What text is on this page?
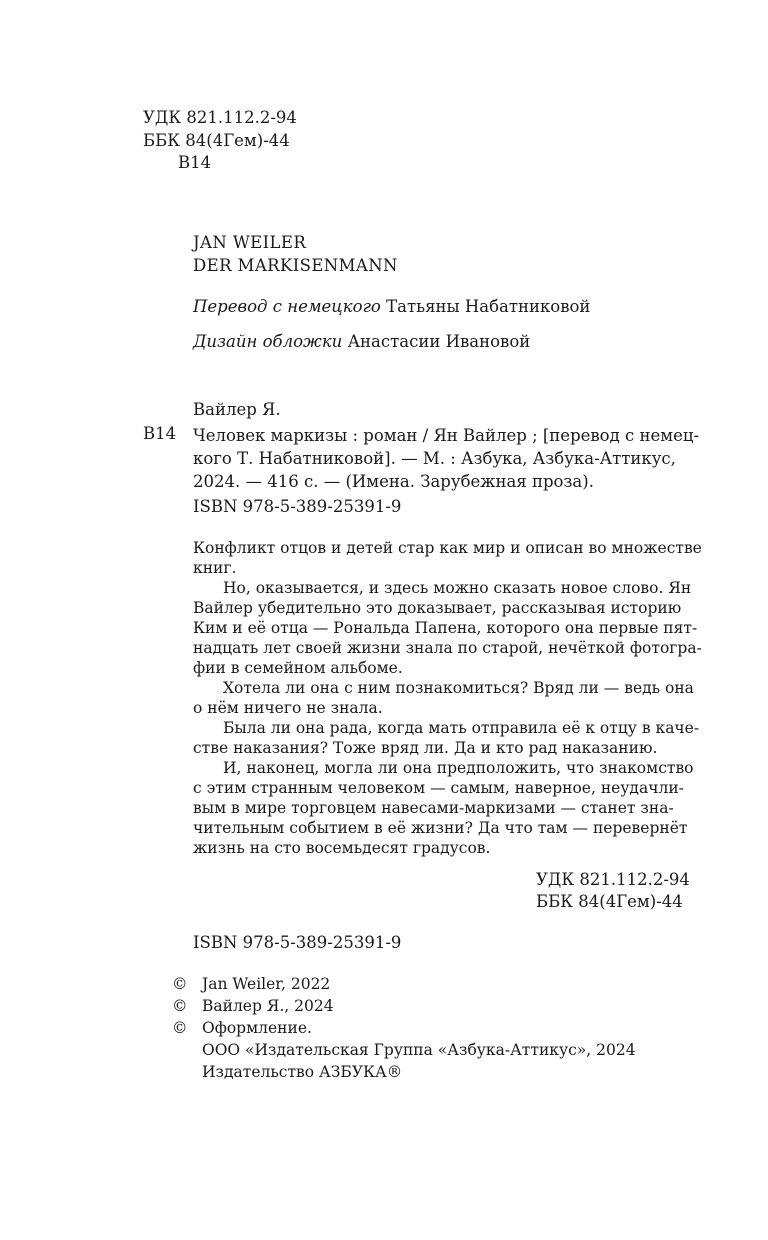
УДК 821.112.2-94
ББК 84(4Гем)-44
В14
JAN WEILER
DER MARKISENMANN
Перевод с немецкого Татьяны Набатниковой
Дизайн обложки Анастасии Ивановой
Вайлер Я.
В14 Человек маркизы : роман / Ян Вайлер ; [перевод с немец-
кого Т. Набатниковой]. — М. : Азбука, Азбука-Аттикус,
2024. — 416 с. — (Имена. Зарубежная проза).
ISBN 978-5-389-25391-9
Конфликт отцов и детей стар как мир и описан во множестве
книг.
Но, оказывается, и здесь можно сказать новое слово. Ян
Вайлер убедительно это доказывает, рассказывая историю
Ким и её отца — Рональда Папена, которого она первые пят-
надцать лет своей жизни знала по старой, нечёткой фотогра-
фии в семейном альбоме.
Хотела ли она с ним познакомиться? Вряд ли — ведь она
о нём ничего не знала.
Была ли она рада, когда мать отправила её к отцу в каче-
стве наказания? Тоже вряд ли. Да и кто рад наказанию.
И, наконец, могла ли она предположить, что знакомство
с этим странным человеком — самым, наверное, неудачли-
вым в мире торговцем навесами-маркизами — станет зна-
чительным событием в её жизни? Да что там — перевернёт
жизнь на сто восемьдесят градусов.
УДК 821.112.2-94
ББК 84(4Гем)-44
ISBN 978-5-389-25391-9
© Jan Weiler, 2022
© Вайлер Я., 2024
© Оформление.
ООО «Издательская Группа «Азбука-Аттикус», 2024
Издательство АЗБУКА®
